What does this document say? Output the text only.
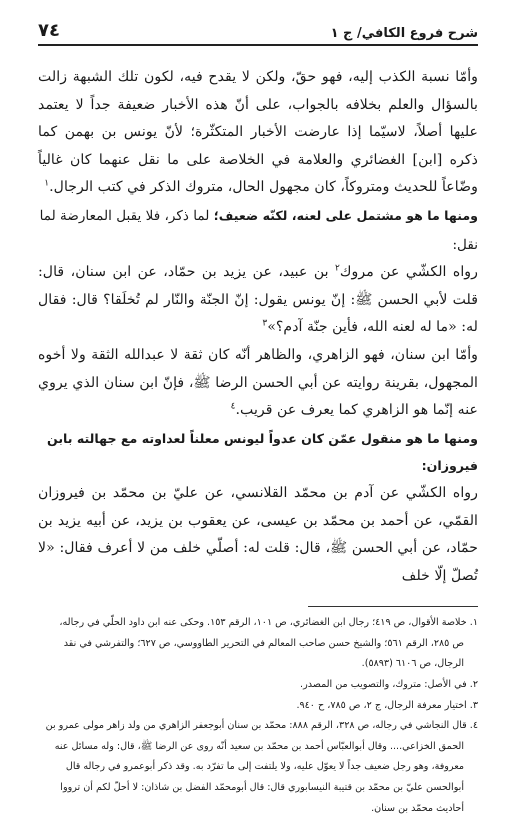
شرح فروع الكافي/ ج ١
٧٤

وأمّا نسبة الكذب إليه، فهو حقّ، ولكن لا يقدح فيه، لكون تلك الشبهة زالت بالسؤال والعلم بخلافه بالجواب، على أنّ هذه الأخبار ضعيفة جداً لا يعتمد عليها أصلاً، لاسيّما إذا عارضت الأخبار المتكثّرة؛ لأنّ يونس بن بهمن كما ذكره [ابن] الغضائري والعلامة في الخلاصة على ما نقل عنهما كان غالياً وضّاعاً للحديث ومتروكاً، كان مجهول الحال، متروك الذكر في كتب الرجال.$^١$

ومنها ما هو مشتمل على لعنه، لكنّه ضعيف؛ لما ذكر، فلا يقبل المعارضة لما نقل:

رواه الكشّي عن مروك$^٢$ بن عبيد، عن يزيد بن حمّاد، عن ابن سنان، قال: قلت لأبي الحسن ﷺ: إنّ يونس يقول: إنّ الجنّة والنّار لم تُخلَقا؟ قال: فقال له: «ما له لعنه الله، فأين جنّة آدم؟»$^٣$

وأمّا ابن سنان، فهو الزاهري، والظاهر أنّه كان ثقة لا عبدالله الثقة ولا أخوه المجهول، بقرينة روايته عن أبي الحسن الرضا ﷺ، فإنّ ابن سنان الذي يروي عنه إنّما هو الزاهري كما يعرف عن قريب.$^٤$

ومنها ما هو منقول عمّن كان عدواً ليونس معلناً لعداوته مع جهالته بابن فيروزان:

رواه الكشّي عن آدم بن محمّد القلانسي، عن عليّ بن محمّد بن فيروزان القمّي، عن أحمد بن محمّد بن عيسى، عن يعقوب بن يزيد، عن أبيه يزيد بن حمّاد، عن أبي الحسن ﷺ، قال: قلت له: أصلّي خلف من لا أعرف فقال: «لا تُصلّ إلّا خلف

١. خلاصة الأقوال، ص ٤١٩؛ رجال ابن الغضائري، ص ١٠١، الرقم ١٥٣. وحكى عنه ابن داود الحلّي في رجاله،

ص ٢٨٥، الرقم ٥٦١؛ والشيخ حسن صاحب المعالم في التحرير الطاووسي، ص ٦٢٧؛ والتفرشي في نقد الرجال، ص ٦١٠٦ (٥٨٩٣).

٢. في الأصل: متروك، والتصويب من المصدر.

٣. اختيار معرفة الرجال، ج ٢، ص ٧٨٥، ح ٩٤٠.

٤. قال النجاشي في رجاله، ص ٣٢٨، الرقم ٨٨٨: محمّد بن سنان أبوجعفر الزاهري من ولد زاهر مولى عمرو بن

الحمق الخزاعي.... وقال أبوالعبّاس أحمد بن محمّد بن سعيد أنّه روى عن الرضا ﷺ، قال: وله مسائل عنه معروفة، وهو رجل ضعيف جداً لا يعوّل عليه، ولا يلتفت إلى ما تفرّد به. وقد ذكر أبوعمرو في رجاله قال أبوالحسن عليّ بن محمّد بن قتيبة النيسابوري قال: قال أبومحمّد الفضل بن شاذان: لا أحلّ لكم أن ترووا أحاديث محمّد بن سنان.
